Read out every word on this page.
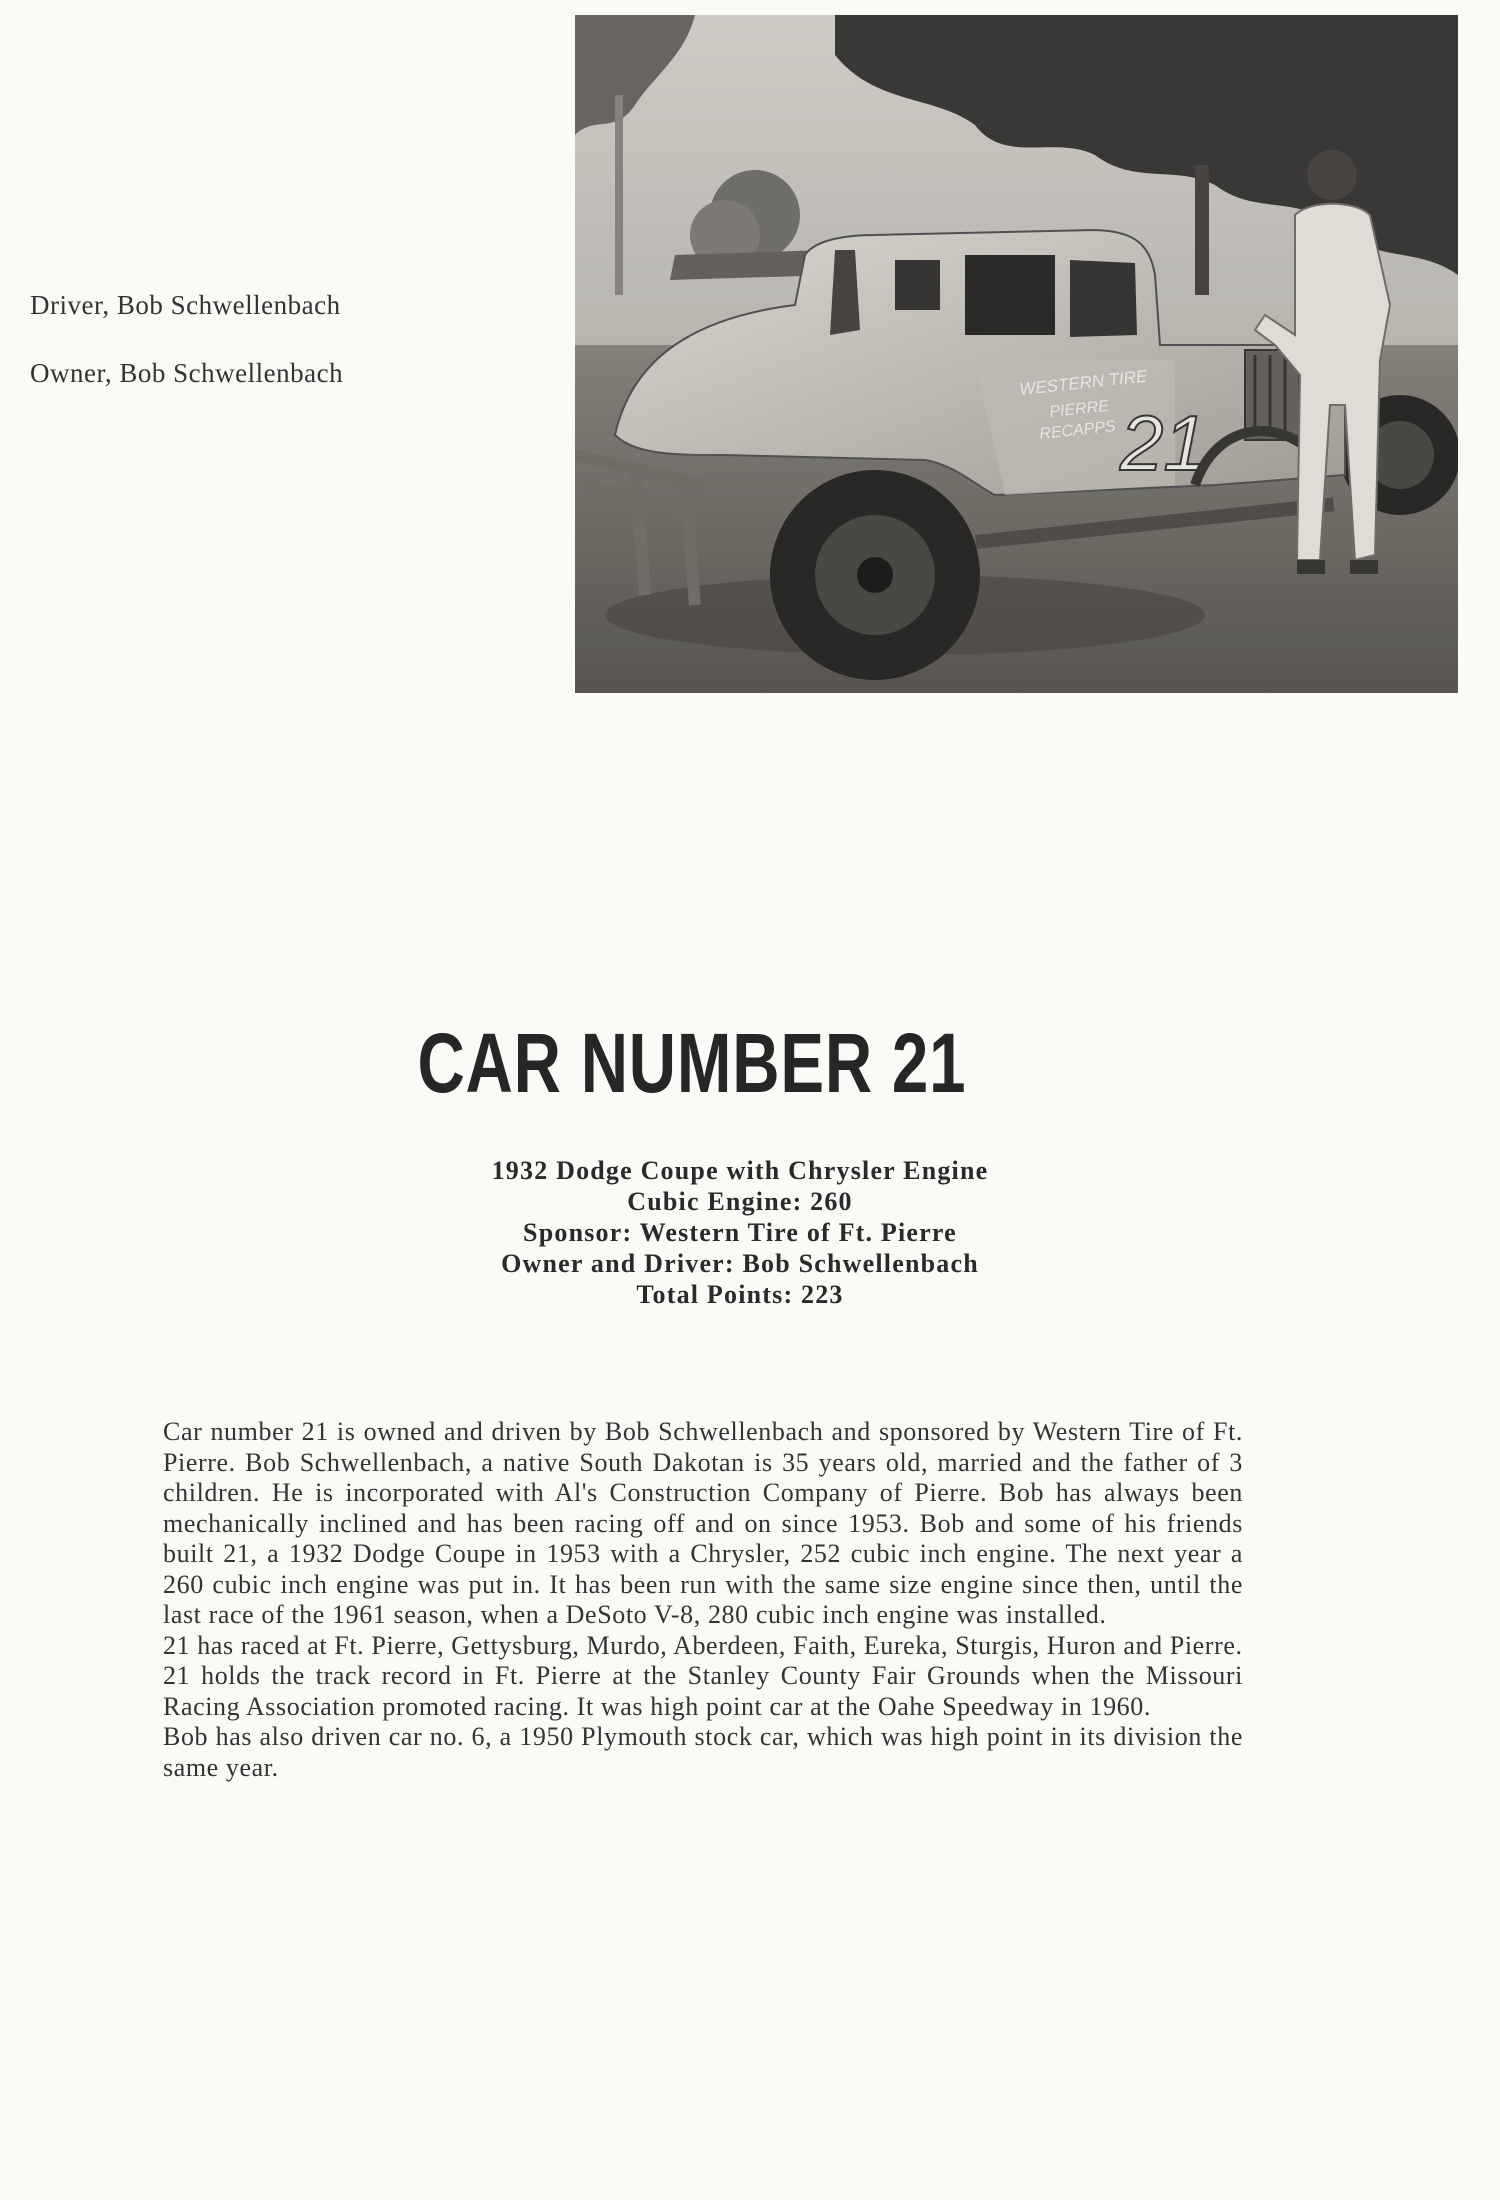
Driver, Bob Schwellenbach
Owner, Bob Schwellenbach	WESTERN TIRE
PIERRE
RECAPPS 21
CAR NUMBER 21
1932 Dodge Coupe with Chrysler Engine
Cubic Engine: 260
Sponsor: Western Tire of Ft. Pierre
Owner and Driver: Bob Schwellenbach
Total Points: 223

Car number 21 is owned and driven by Bob Schwellenbach and sponsored by Western Tire of Ft. Pierre. Bob Schwellenbach, a native South Dakotan is 35 years old, married and the father of 3 children. He is incorporated with Al's Construction Company of Pierre. Bob has always been mechanically inclined and has been racing off and on since 1953. Bob and some of his friends built 21, a 1932 Dodge Coupe in 1953 with a Chrysler, 252 cubic inch engine. The next year a 260 cubic inch engine was put in. It has been run with the same size engine since then, until the last race of the 1961 season, when a DeSoto V-8, 280 cubic inch engine was installed.

21 has raced at Ft. Pierre, Gettysburg, Murdo, Aberdeen, Faith, Eureka, Sturgis, Huron and Pierre.

21 holds the track record in Ft. Pierre at the Stanley County Fair Grounds when the Missouri Racing Association promoted racing. It was high point car at the Oahe Speedway in 1960.

Bob has also driven car no. 6, a 1950 Plymouth stock car, which was high point in its division the same year.
